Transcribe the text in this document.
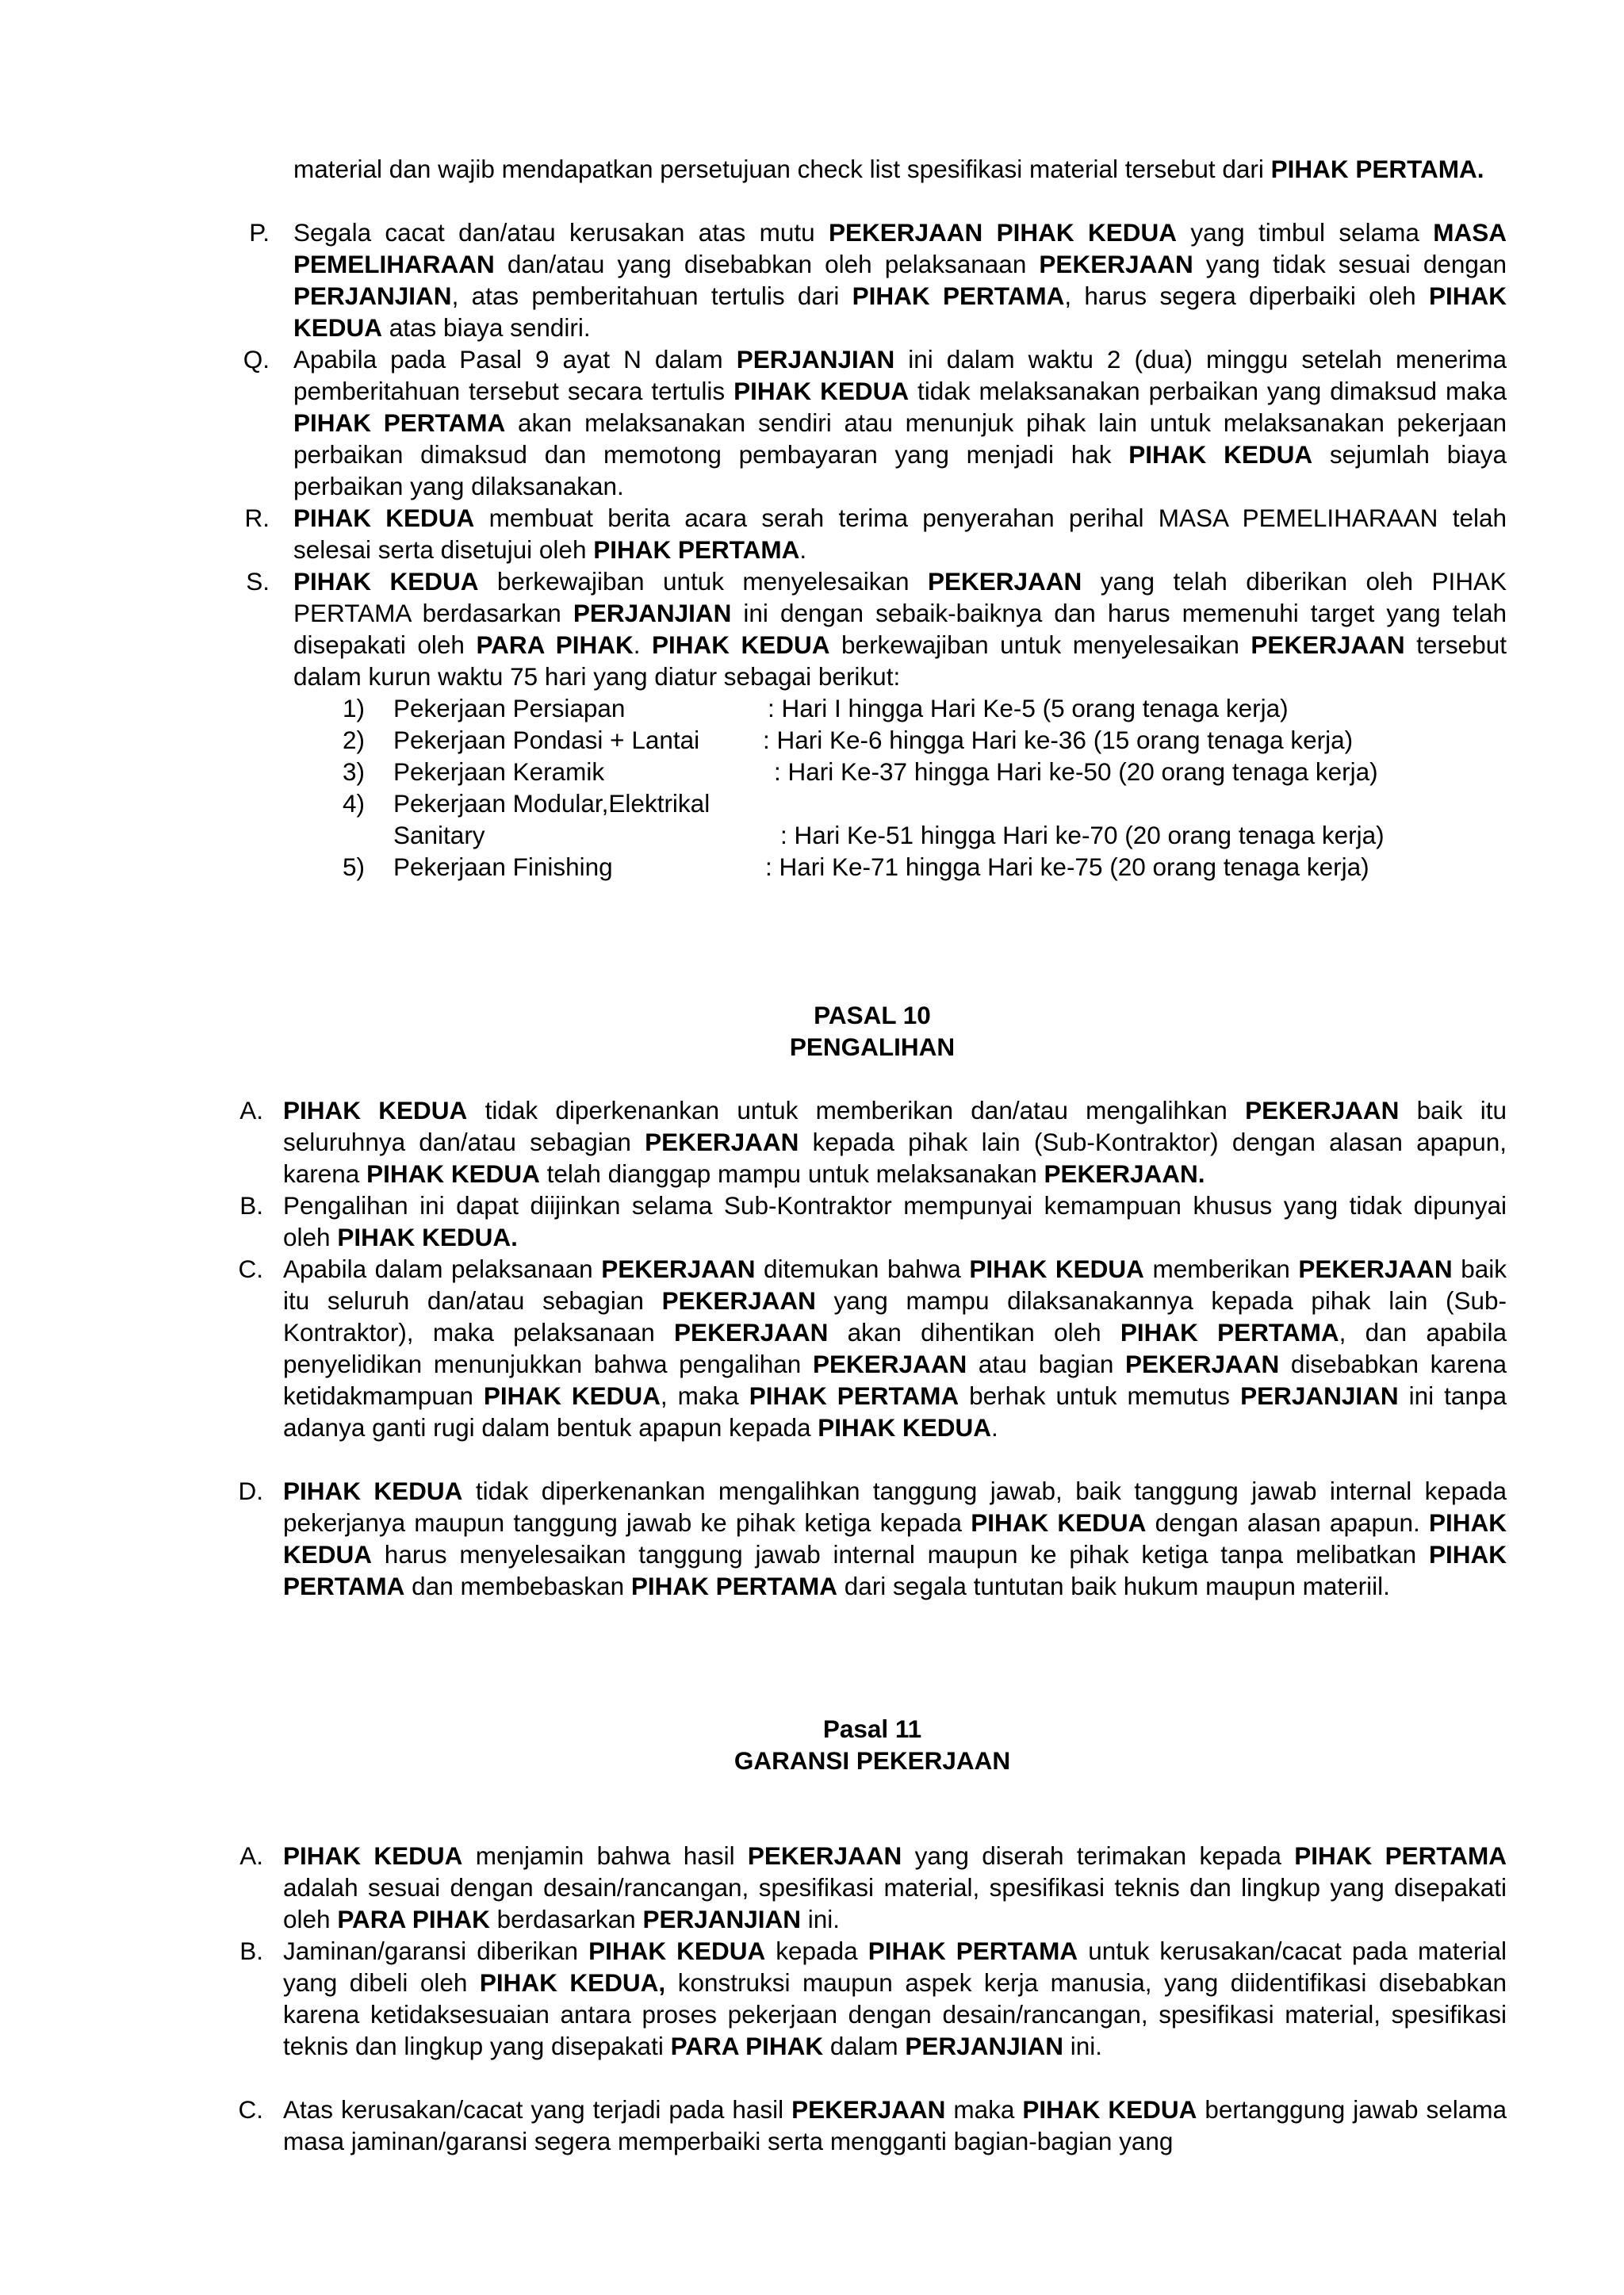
material dan wajib mendapatkan persetujuan check list spesifikasi material tersebut dari PIHAK PERTAMA.

P. Segala cacat dan/atau kerusakan atas mutu PEKERJAAN PIHAK KEDUA yang timbul selama MASA PEMELIHARAAN dan/atau yang disebabkan oleh pelaksanaan PEKERJAAN yang tidak sesuai dengan PERJANJIAN, atas pemberitahuan tertulis dari PIHAK PERTAMA, harus segera diperbaiki oleh PIHAK KEDUA atas biaya sendiri.

Q. Apabila pada Pasal 9 ayat N dalam PERJANJIAN ini dalam waktu 2 (dua) minggu setelah menerima pemberitahuan tersebut secara tertulis PIHAK KEDUA tidak melaksanakan perbaikan yang dimaksud maka PIHAK PERTAMA akan melaksanakan sendiri atau menunjuk pihak lain untuk melaksanakan pekerjaan perbaikan dimaksud dan memotong pembayaran yang menjadi hak PIHAK KEDUA sejumlah biaya perbaikan yang dilaksanakan.

R. PIHAK KEDUA membuat berita acara serah terima penyerahan perihal MASA PEMELIHARAAN telah selesai serta disetujui oleh PIHAK PERTAMA.

S. PIHAK KEDUA berkewajiban untuk menyelesaikan PEKERJAAN yang telah diberikan oleh PIHAK PERTAMA berdasarkan PERJANJIAN ini dengan sebaik-baiknya dan harus memenuhi target yang telah disepakati oleh PARA PIHAK. PIHAK KEDUA berkewajiban untuk menyelesaikan PEKERJAAN tersebut dalam kurun waktu 75 hari yang diatur sebagai berikut:

1) Pekerjaan Persiapan	: Hari I hingga Hari Ke-5 (5 orang tenaga kerja)
2) Pekerjaan Pondasi + Lantai	: Hari Ke-6 hingga Hari ke-36 (15 orang tenaga kerja)
3) Pekerjaan Keramik	: Hari Ke-37 hingga Hari ke-50 (20 orang tenaga kerja)
4) Pekerjaan Modular,Elektrikal
Sanitary	: Hari Ke-51 hingga Hari ke-70 (20 orang tenaga kerja)
5) Pekerjaan Finishing	: Hari Ke-71 hingga Hari ke-75 (20 orang tenaga kerja)
PASAL 10
PENGALIHAN
A. PIHAK KEDUA tidak diperkenankan untuk memberikan dan/atau mengalihkan PEKERJAAN baik itu seluruhnya dan/atau sebagian PEKERJAAN kepada pihak lain (Sub-Kontraktor) dengan alasan apapun, karena PIHAK KEDUA telah dianggap mampu untuk melaksanakan PEKERJAAN.

B. Pengalihan ini dapat diijinkan selama Sub-Kontraktor mempunyai kemampuan khusus yang tidak dipunyai oleh PIHAK KEDUA.

C. Apabila dalam pelaksanaan PEKERJAAN ditemukan bahwa PIHAK KEDUA memberikan PEKERJAAN baik itu seluruh dan/atau sebagian PEKERJAAN yang mampu dilaksanakannya kepada pihak lain (Sub-Kontraktor), maka pelaksanaan PEKERJAAN akan dihentikan oleh PIHAK PERTAMA, dan apabila penyelidikan menunjukkan bahwa pengalihan PEKERJAAN atau bagian PEKERJAAN disebabkan karena ketidakmampuan PIHAK KEDUA, maka PIHAK PERTAMA berhak untuk memutus PERJANJIAN ini tanpa adanya ganti rugi dalam bentuk apapun kepada PIHAK KEDUA.

D. PIHAK KEDUA tidak diperkenankan mengalihkan tanggung jawab, baik tanggung jawab internal kepada pekerjanya maupun tanggung jawab ke pihak ketiga kepada PIHAK KEDUA dengan alasan apapun. PIHAK KEDUA harus menyelesaikan tanggung jawab internal maupun ke pihak ketiga tanpa melibatkan PIHAK PERTAMA dan membebaskan PIHAK PERTAMA dari segala tuntutan baik hukum maupun materiil.

Pasal 11
GARANSI PEKERJAAN
A. PIHAK KEDUA menjamin bahwa hasil PEKERJAAN yang diserah terimakan kepada PIHAK PERTAMA adalah sesuai dengan desain/rancangan, spesifikasi material, spesifikasi teknis dan lingkup yang disepakati oleh PARA PIHAK berdasarkan PERJANJIAN ini.

B. Jaminan/garansi diberikan PIHAK KEDUA kepada PIHAK PERTAMA untuk kerusakan/cacat pada material yang dibeli oleh PIHAK KEDUA, konstruksi maupun aspek kerja manusia, yang diidentifikasi disebabkan karena ketidaksesuaian antara proses pekerjaan dengan desain/rancangan, spesifikasi material, spesifikasi teknis dan lingkup yang disepakati PARA PIHAK dalam PERJANJIAN ini.

C. Atas kerusakan/cacat yang terjadi pada hasil PEKERJAAN maka PIHAK KEDUA bertanggung jawab selama masa jaminan/garansi segera memperbaiki serta mengganti bagian-bagian yang
